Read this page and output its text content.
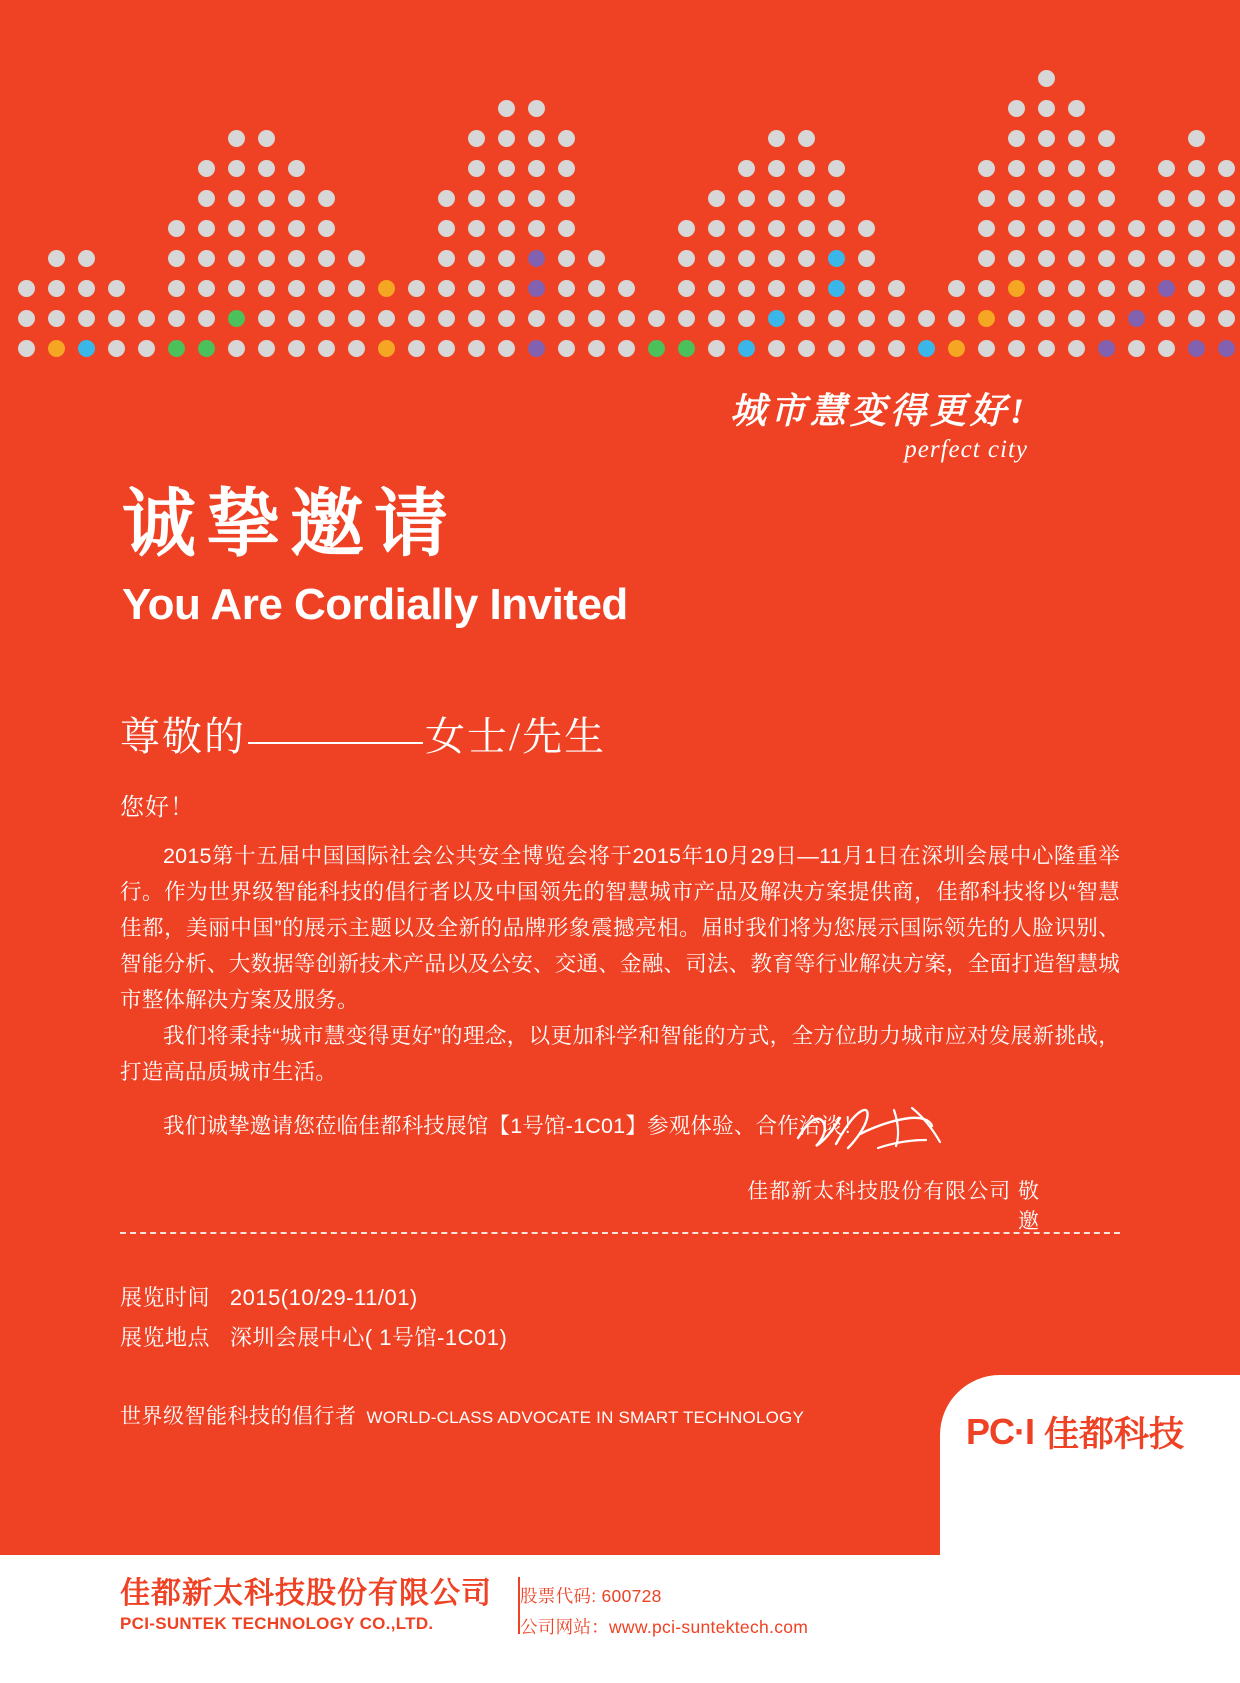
城市慧变得更好!
perfect city
诚挚邀请
You Are Cordially Invited
尊敬的	女士/先生
您好！

2015第十五届中国国际社会公共安全博览会将于2015年10月29日—11月1日在深圳会展中心隆重举行。作为世界级智能科技的倡行者以及中国领先的智慧城市产品及解决方案提供商，佳都科技将以“智慧佳都，美丽中国”的展示主题以及全新的品牌形象震撼亮相。届时我们将为您展示国际领先的人脸识别、智能分析、大数据等创新技术产品以及公安、交通、金融、司法、教育等行业解决方案，全面打造智慧城市整体解决方案及服务。

我们将秉持“城市慧变得更好”的理念，以更加科学和智能的方式，全方位助力城市应对发展新挑战，打造高品质城市生活。

我们诚挚邀请您莅临佳都科技展馆【1号馆-1C01】参观体验、合作洽谈！

佳都新太科技股份有限公司 敬邀
展览时间 2015(10/29-11/01)
展览地点 深圳会展中心( 1号馆-1C01)
世界级智能科技的倡行者 WORLD-CLASS ADVOCATE IN SMART TECHNOLOGY	PC·I 佳都科技
佳都新太科技股份有限公司
PCI-SUNTEK TECHNOLOGY CO.,LTD.
股票代码: 600728
公司网站：www.pci-suntektech.com
